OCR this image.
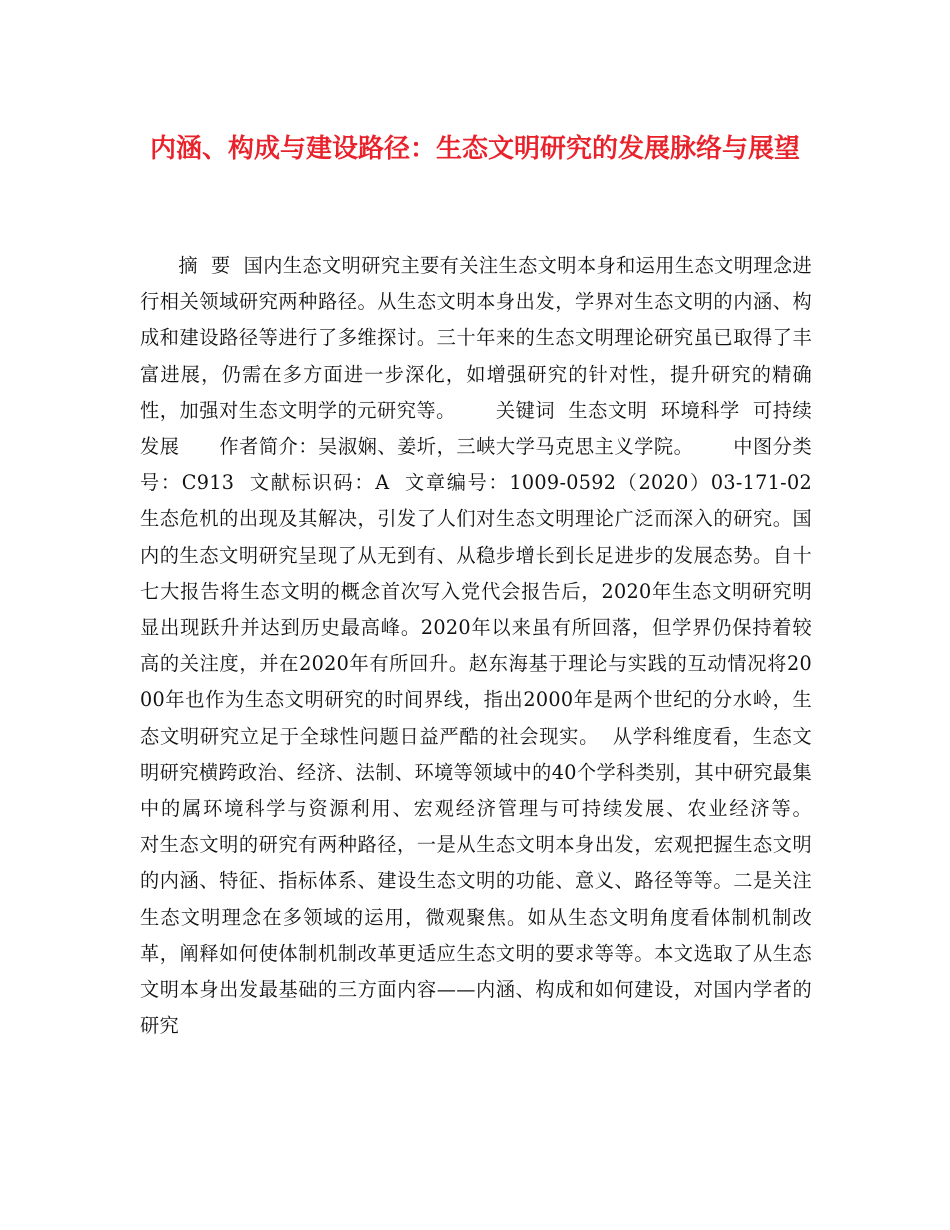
内涵、构成与建设路径：生态文明研究的发展脉络与展望

摘  要  国内生态文明研究主要有关注生态文明本身和运用生态文明理念进行相关领域研究两种路径。从生态文明本身出发，学界对生态文明的内涵、构成和建设路径等进行了多维探讨。三十年来的生态文明理论研究虽已取得了丰富进展，仍需在多方面进一步深化，如增强研究的针对性，提升研究的精确性，加强对生态文明学的元研究等。      关键词  生态文明  环境科学  可持续发展      作者简介：吴淑娴、姜圻，三峡大学马克思主义学院。      中图分类号：C913  文献标识码：A  文章编号：1009-0592（2020）03-171-02      生态危机的出现及其解决，引发了人们对生态文明理论广泛而深入的研究。国内的生态文明研究呈现了从无到有、从稳步增长到长足进步的发展态势。自十七大报告将生态文明的概念首次写入党代会报告后，2020年生态文明研究明显出现跃升并达到历史最高峰。2020年以来虽有所回落，但学界仍保持着较高的关注度，并在2020年有所回升。赵东海基于理论与实践的互动情况将2000年也作为生态文明研究的时间界线，指出2000年是两个世纪的分水岭，生态文明研究立足于全球性问题日益严酷的社会现实。  从学科维度看，生态文明研究横跨政治、经济、法制、环境等领域中的40个学科类别，其中研究最集中的属环境科学与资源利用、宏观经济管理与可持续发展、农业经济等。      对生态文明的研究有两种路径，一是从生态文明本身出发，宏观把握生态文明的内涵、特征、指标体系、建设生态文明的功能、意义、路径等等。二是关注生态文明理念在多领域的运用，微观聚焦。如从生态文明角度看体制机制改革，阐释如何使体制机制改革更适应生态文明的要求等等。本文选取了从生态文明本身出发最基础的三方面内容——内涵、构成和如何建设，对国内学者的研究
